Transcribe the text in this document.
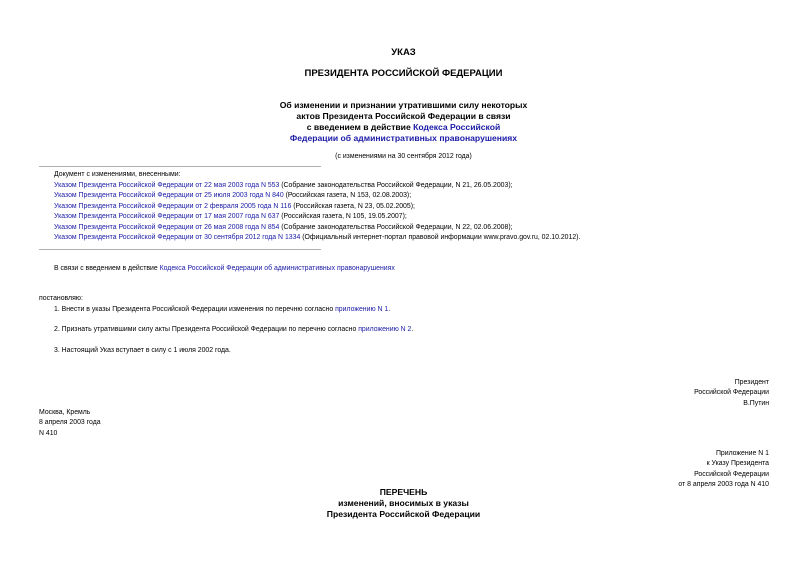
УКАЗ
ПРЕЗИДЕНТА РОССИЙСКОЙ ФЕДЕРАЦИИ
Об изменении и признании утратившими силу некоторых
актов Президента Российской Федерации в связи
с введением в действие Кодекса Российской
Федерации об административных правонарушениях
(с изменениями на 30 сентября 2012 года)
Документ с изменениями, внесенными:
Указом Президента Российской Федерации от 22 мая 2003 года N 553 (Собрание законодательства Российской Федерации, N 21, 26.05.2003);
Указом Президента Российской Федерации от 25 июля 2003 года N 840 (Российская газета, N 153, 02.08.2003);
Указом Президента Российской Федерации от 2 февраля 2005 года N 116 (Российская газета, N 23, 05.02.2005);
Указом Президента Российской Федерации от 17 мая 2007 года N 637 (Российская газета, N 105, 19.05.2007);
Указом Президента Российской Федерации от 26 мая 2008 года N 854 (Собрание законодательства Российской Федерации, N 22, 02.06.2008);
Указом Президента Российской Федерации от 30 сентября 2012 года N 1334 (Официальный интернет-портал правовой информации www.pravo.gov.ru, 02.10.2012).
В связи с введением в действие Кодекса Российской Федерации об административных правонарушениях
постановляю:
1. Внести в указы Президента Российской Федерации изменения по перечню согласно приложению N 1.
2. Признать утратившими силу акты Президента Российской Федерации по перечню согласно приложению N 2.
3. Настоящий Указ вступает в силу с 1 июля 2002 года.
Президент
Российской Федерации
В.Путин
Москва, Кремль
8 апреля 2003 года
N 410
Приложение N 1
к Указу Президента
Российской Федерации
от 8 апреля 2003 года N 410
ПЕРЕЧЕНЬ
изменений, вносимых в указы
Президента Российской Федерации
